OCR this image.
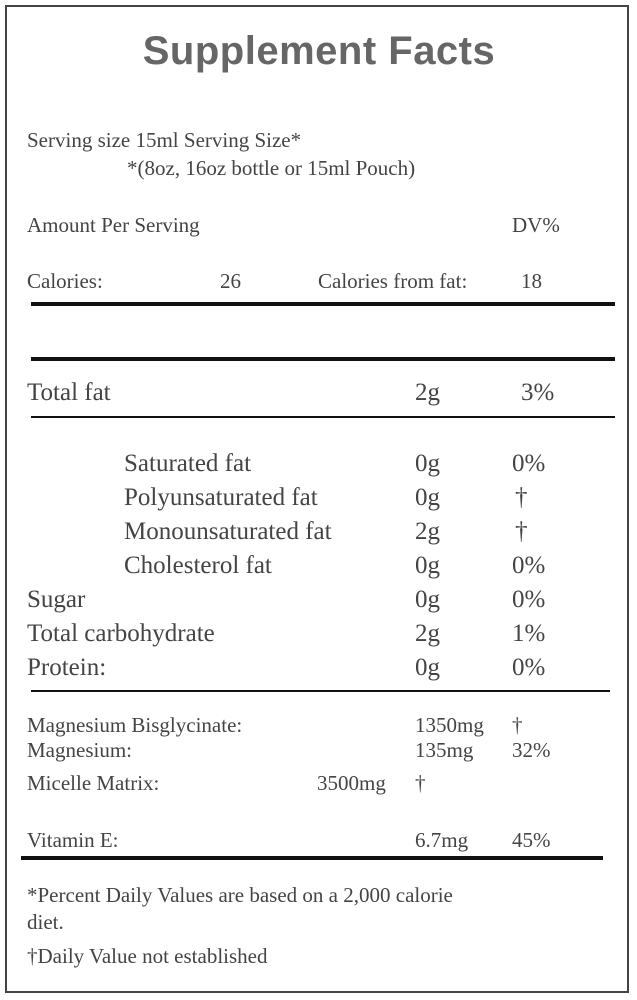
Supplement Facts
Serving size 15ml Serving Size*
*(8oz, 16oz bottle or 15ml Pouch)
Amount Per Serving	DV%
Calories:	26	Calories from fat:	18
Total fat	2g	3%
Saturated fat	0g	0%
Polyunsaturated fat	0g	†
Monounsaturated fat	2g	†
Cholesterol fat	0g	0%
Sugar	0g	0%
Total carbohydrate	2g	1%
Protein:	0g	0%
Magnesium Bisglycinate:	1350mg †
Magnesium:	135mg 32%
Micelle Matrix:	3500mg †
Vitamin E:	6.7mg 45%
*Percent Daily Values are based on a 2,000 calorie
diet.
†Daily Value not established
